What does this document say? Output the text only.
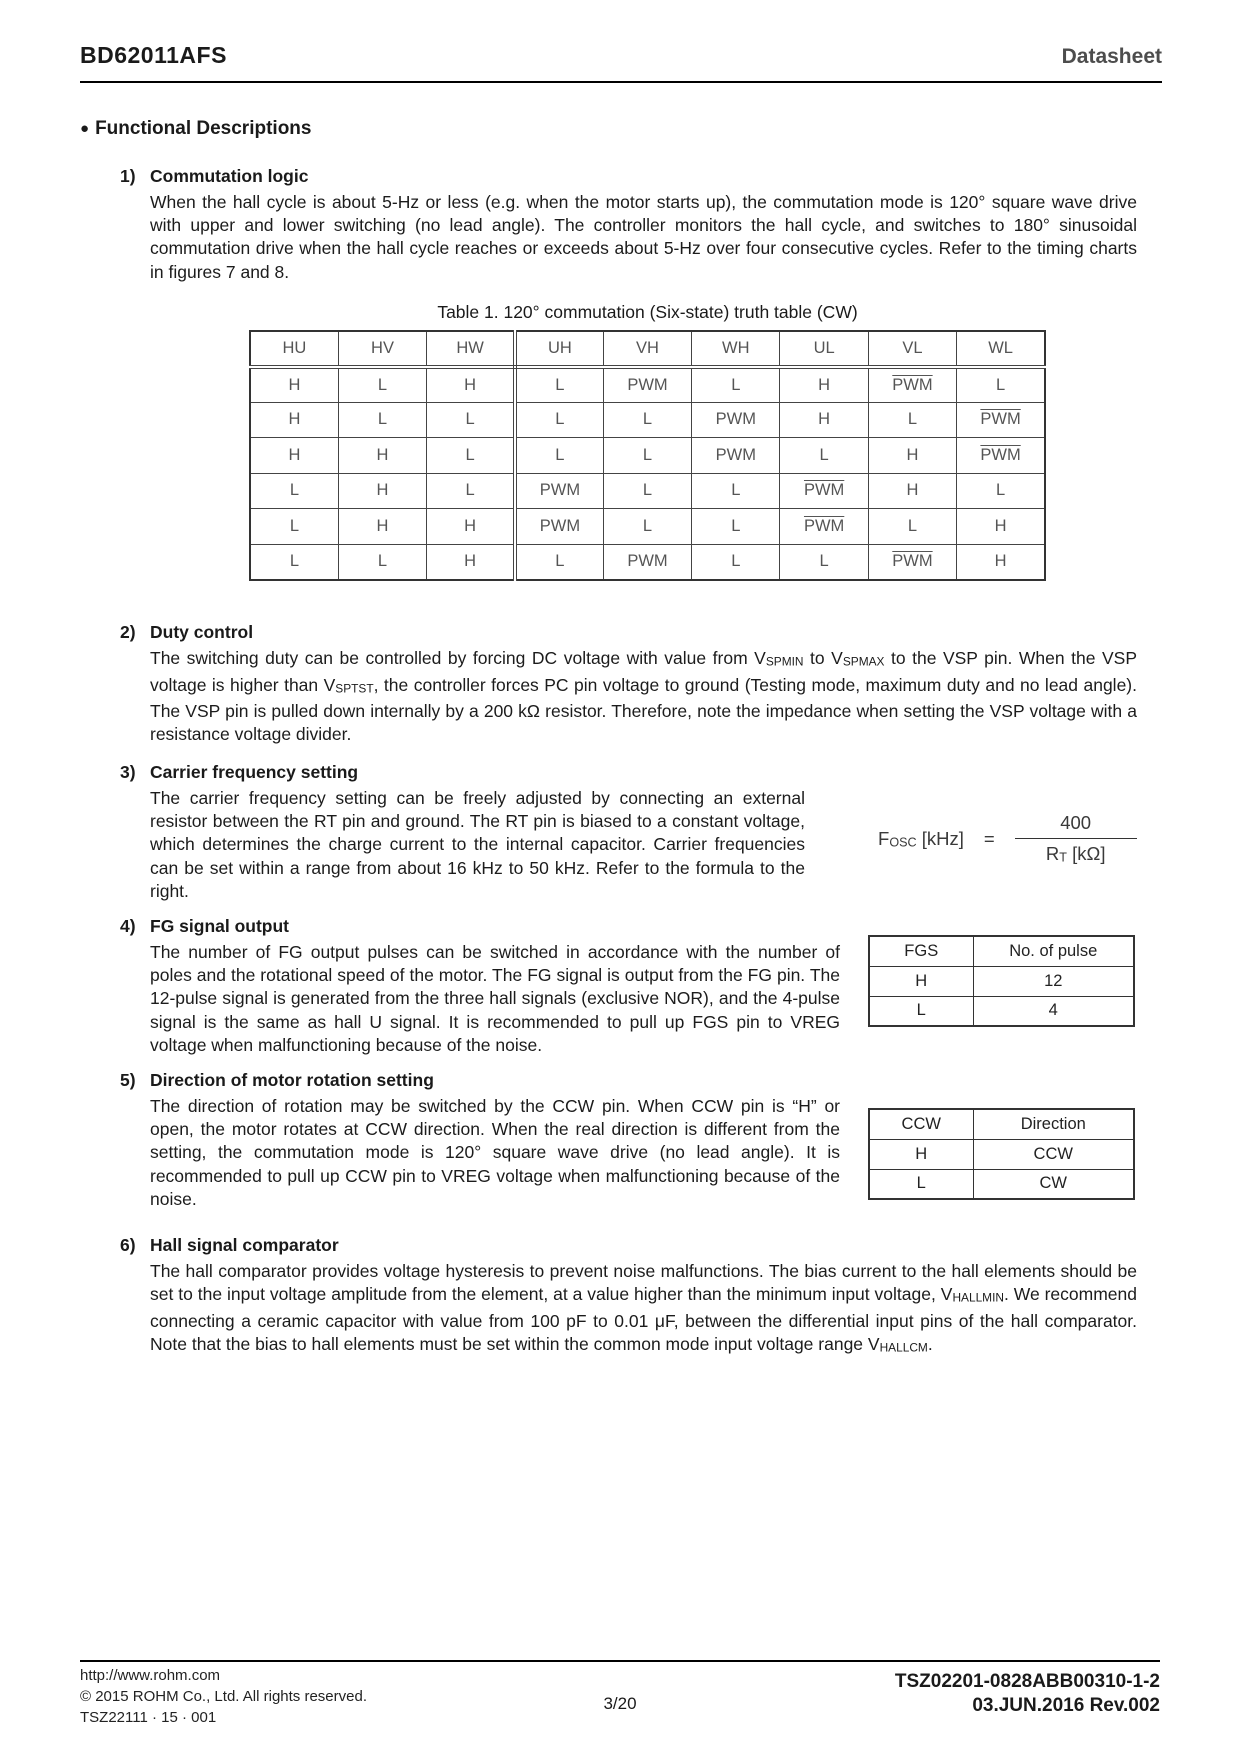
BD62011AFS	Datasheet
● Functional Descriptions
1) Commutation logic
When the hall cycle is about 5-Hz or less (e.g. when the motor starts up), the commutation mode is 120° square wave drive with upper and lower switching (no lead angle). The controller monitors the hall cycle, and switches to 180° sinusoidal commutation drive when the hall cycle reaches or exceeds about 5-Hz over four consecutive cycles. Refer to the timing charts in figures 7 and 8.
Table 1. 120° commutation (Six-state) truth table (CW)
HU	HV	HW	UH	VH	WH	UL	VL	WL
H	L	H	L	PWM	L	H	$\overline{PWM}$	L
H	L	L	L	L	PWM	H	L	$\overline{PWM}$
H	H	L	L	L	PWM	L	H	$\overline{PWM}$
L	H	L	PWM	L	L	$\overline{PWM}$	H	L
L	H	H	PWM	L	L	$\overline{PWM}$	L	H
L	L	H	L	PWM	L	L	$\overline{PWM}$	H
2) Duty control
The switching duty can be controlled by forcing DC voltage with value from $V_{SPMIN}$ to $V_{SPMAX}$ to the VSP pin. When the VSP voltage is higher than $V_{SPTST}$, the controller forces PC pin voltage to ground (Testing mode, maximum duty and no lead angle). The VSP pin is pulled down internally by a 200 kΩ resistor. Therefore, note the impedance when setting the VSP voltage with a resistance voltage divider.
3) Carrier frequency setting
The carrier frequency setting can be freely adjusted by connecting an external resistor between the RT pin and ground. The RT pin is biased to a constant voltage, which determines the charge current to the internal capacitor. Carrier frequencies can be set within a range from about 16 kHz to 50 kHz. Refer to the formula to the right.
$F_{OSC}$ $[kHz] = \frac{400}{R_T [k\Omega]}$
4) FG signal output
The number of FG output pulses can be switched in accordance with the number of poles and the rotational speed of the motor. The FG signal is output from the FG pin. The 12-pulse signal is generated from the three hall signals (exclusive NOR), and the 4-pulse signal is the same as hall U signal. It is recommended to pull up FGS pin to VREG voltage when malfunctioning because of the noise.
FGS	No. of pulse
H	12
L	4
5) Direction of motor rotation setting
The direction of rotation may be switched by the CCW pin. When CCW pin is “H” or open, the motor rotates at CCW direction. When the real direction is different from the setting, the commutation mode is 120° square wave drive (no lead angle). It is recommended to pull up CCW pin to VREG voltage when malfunctioning because of the noise.
CCW	Direction
H	CCW
L	CW
6) Hall signal comparator
The hall comparator provides voltage hysteresis to prevent noise malfunctions. The bias current to the hall elements should be set to the input voltage amplitude from the element, at a value higher than the minimum input voltage, $V_{HALLMIN}$. We recommend connecting a ceramic capacitor with value from 100 pF to 0.01 μF, between the differential input pins of the hall comparator. Note that the bias to hall elements must be set within the common mode input voltage range $V_{HALLCM}$.
http://www.rohm.com
© 2015 ROHM Co., Ltd. All rights reserved.
TSZ22111 · 15 · 001
3/20
TSZ02201-0828ABB00310-1-2
03.JUN.2016 Rev.002
